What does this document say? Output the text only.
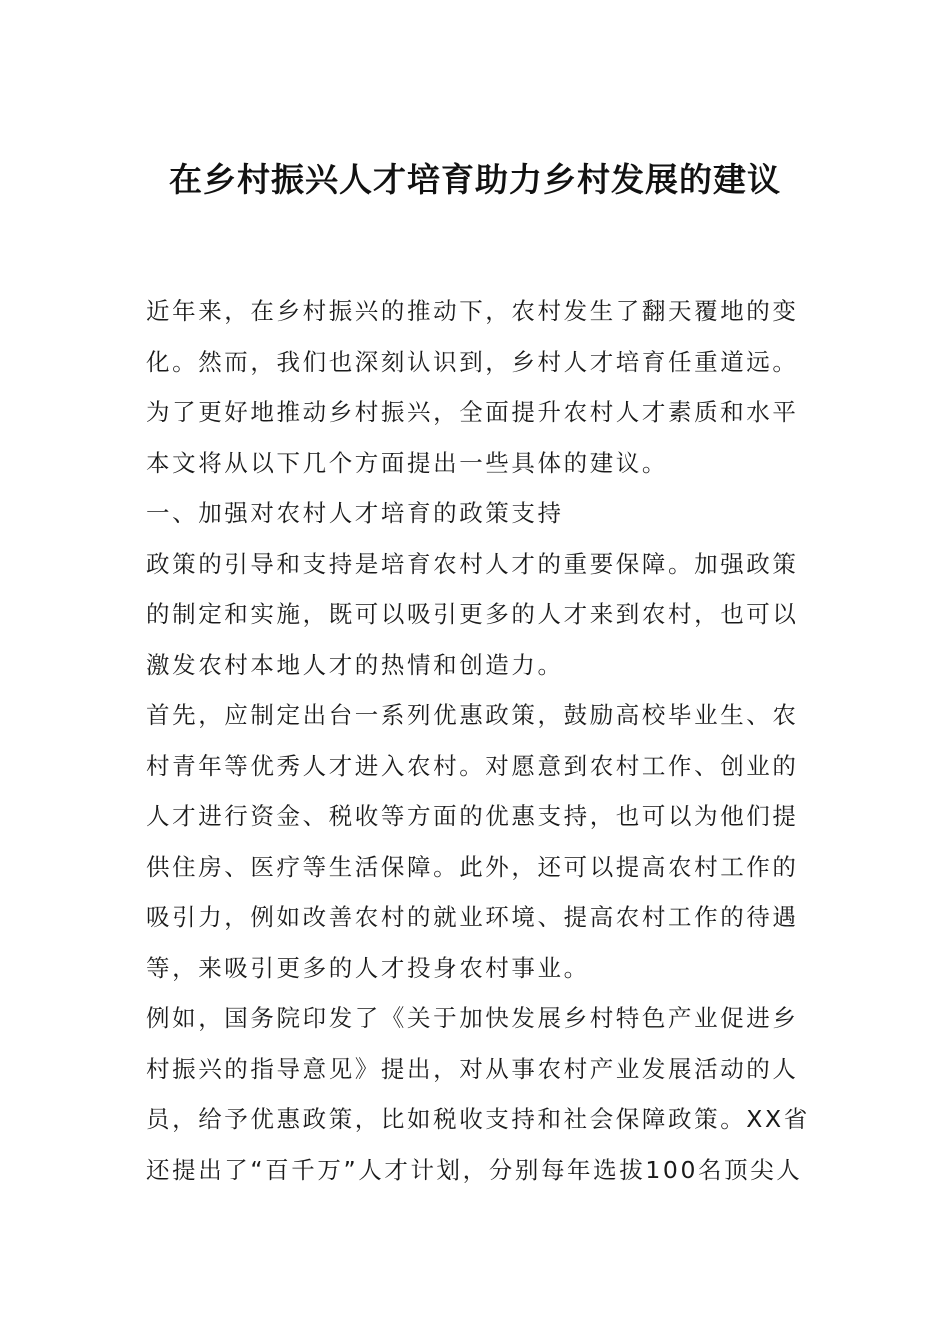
在乡村振兴人才培育助力乡村发展的建议
近年来，在乡村振兴的推动下，农村发生了翻天覆地的变
化。然而，我们也深刻认识到，乡村人才培育任重道远。
为了更好地推动乡村振兴，全面提升农村人才素质和水平
本文将从以下几个方面提出一些具体的建议。
一、加强对农村人才培育的政策支持
政策的引导和支持是培育农村人才的重要保障。加强政策
的制定和实施，既可以吸引更多的人才来到农村，也可以
激发农村本地人才的热情和创造力。
首先，应制定出台一系列优惠政策，鼓励高校毕业生、农
村青年等优秀人才进入农村。对愿意到农村工作、创业的
人才进行资金、税收等方面的优惠支持，也可以为他们提
供住房、医疗等生活保障。此外，还可以提高农村工作的
吸引力，例如改善农村的就业环境、提高农村工作的待遇
等，来吸引更多的人才投身农村事业。
例如，国务院印发了《关于加快发展乡村特色产业促进乡
村振兴的指导意见》提出，对从事农村产业发展活动的人
员，给予优惠政策，比如税收支持和社会保障政策。XX省
还提出了“百千万”人才计划，分别每年选拔100名顶尖人
